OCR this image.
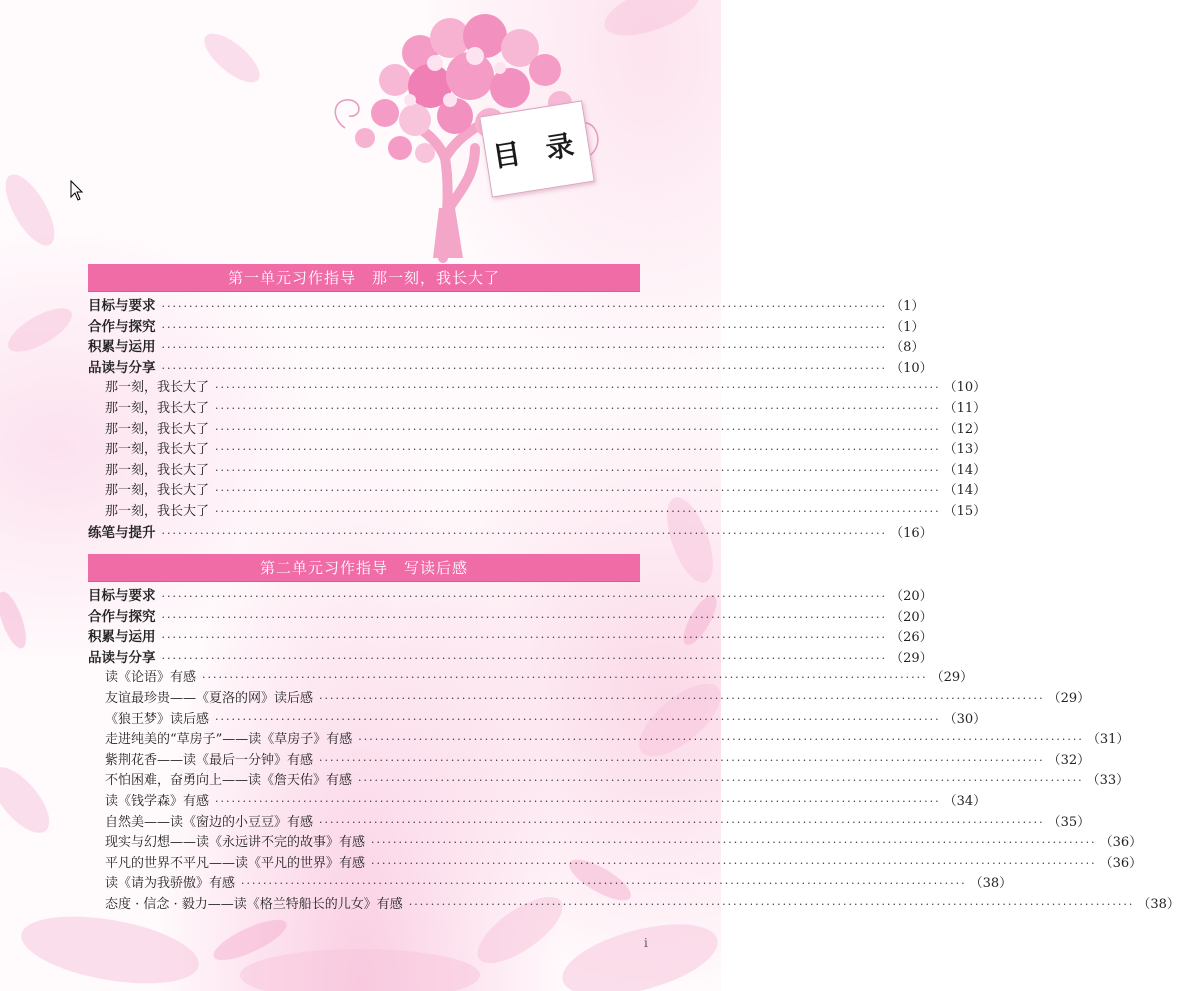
目 录
第一单元习作指导　那一刻，我长大了
目标与要求 ···································································································································· （1）
合作与探究 ···································································································································· （1）
积累与运用 ···································································································································· （8）
品读与分享 ···································································································································· （10）
那一刻，我长大了 ···································································································································· （10）
那一刻，我长大了 ···································································································································· （11）
那一刻，我长大了 ···································································································································· （12）
那一刻，我长大了 ···································································································································· （13）
那一刻，我长大了 ···································································································································· （14）
那一刻，我长大了 ···································································································································· （14）
那一刻，我长大了 ···································································································································· （15）
练笔与提升 ···································································································································· （16）
第二单元习作指导　写读后感
目标与要求 ···································································································································· （20）
合作与探究 ···································································································································· （20）
积累与运用 ···································································································································· （26）
品读与分享 ···································································································································· （29）
读《论语》有感 ···································································································································· （29）
友谊最珍贵——《夏洛的网》读后感 ···································································································································· （29）
《狼王梦》读后感 ···································································································································· （30）
走进纯美的“草房子”——读《草房子》有感 ···································································································································· （31）
紫荆花香——读《最后一分钟》有感 ···································································································································· （32）
不怕困难，奋勇向上——读《詹天佑》有感 ···································································································································· （33）
读《钱学森》有感 ···································································································································· （34）
自然美——读《窗边的小豆豆》有感 ···································································································································· （35）
现实与幻想——读《永远讲不完的故事》有感 ···································································································································· （36）
平凡的世界不平凡——读《平凡的世界》有感 ···································································································································· （36）
读《请为我骄傲》有感 ···································································································································· （38）
态度 · 信念 · 毅力——读《格兰特船长的儿女》有感 ···································································································································· （38）
i
